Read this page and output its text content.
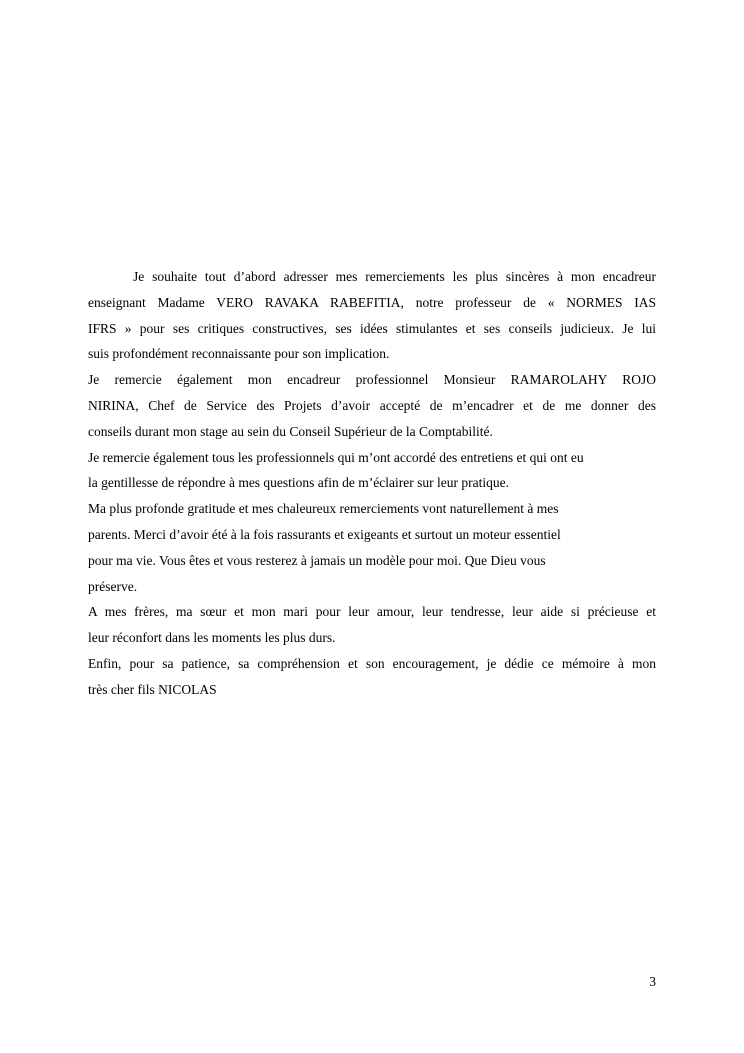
Je souhaite tout d’abord adresser mes remerciements les plus sincères à mon encadreur
enseignant Madame VERO RAVAKA RABEFITIA, notre professeur de « NORMES IAS
IFRS » pour ses critiques constructives, ses idées stimulantes et ses conseils judicieux. Je lui
suis profondément reconnaissante pour son implication.
Je remercie également mon encadreur professionnel Monsieur RAMAROLAHY ROJO
NIRINA, Chef de Service des Projets d’avoir accepté de m’encadrer et de me donner des
conseils durant mon stage au sein du Conseil Supérieur de la Comptabilité.
Je remercie également tous les professionnels qui m’ont accordé des entretiens et qui ont eu
la gentillesse de répondre à mes questions afin de m’éclairer sur leur pratique.
Ma plus profonde gratitude et mes chaleureux remerciements vont naturellement à mes
parents. Merci d’avoir été à la fois rassurants et exigeants et surtout un moteur essentiel
pour ma vie. Vous êtes et vous resterez à jamais un modèle pour moi. Que Dieu vous
préserve.
A mes frères, ma sœur et mon mari pour leur amour, leur tendresse, leur aide si précieuse et
leur réconfort dans les moments les plus durs.
Enfin, pour sa patience, sa compréhension et son encouragement, je dédie ce mémoire à mon
très cher fils NICOLAS
3
